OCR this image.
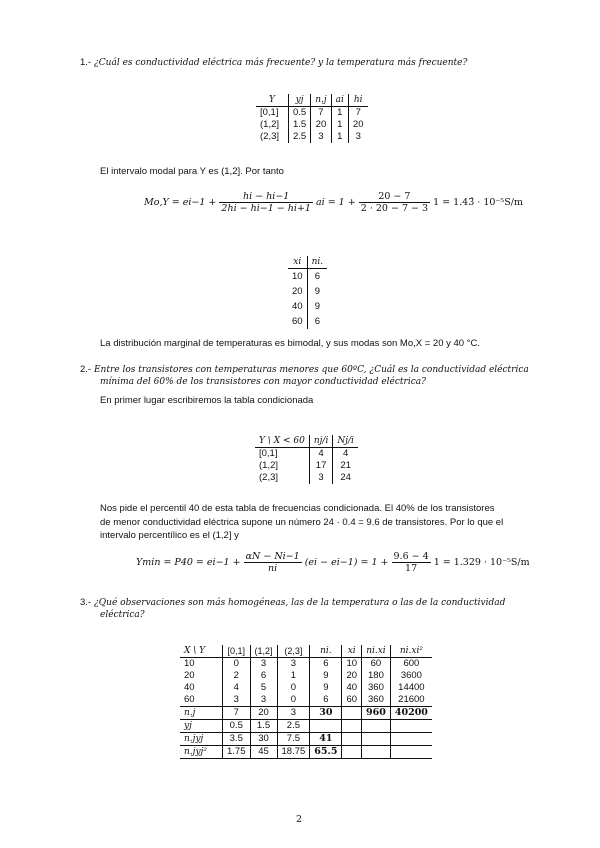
1.- ¿Cuál es conductividad eléctrica más frecuente? y la temperatura más frecuente?
Y	yj	n.j	ai	hi
[0,1]	0.5	7	1	7
(1,2]	1.5	20	1	20
(2,3]	2.5	3	1	3
El intervalo modal para Y es (1,2]. Por tanto
$Mo,Y = ei-1 + \frac{hi - hi-1}{2hi - hi-1 - hi+1}$ ai = $1 + \frac{20 - 7}{2 \cdot 20 - 7 - 3} 1$ = 1.43̂ · 10⁻⁵S/m
xi	ni.
10	6
20	9
40	9
60	6
La distribución marginal de temperaturas es bimodal, y sus modas son Mo,X = 20 y 40 °C.
2.- Entre los transistores con temperaturas menores que 60ºC, ¿Cuál es la conductividad eléctrica
mínima del 60% de los transistores con mayor conductividad eléctrica?
En primer lugar escribiremos la tabla condicionada
Y \ X < 60	nj/i	Nj/i
[0,1]	4	4
(1,2]	17	21
(2,3]	3	24
Nos pide el percentil 40 de esta tabla de frecuencias condicionada. El 40% de los transistores
de menor conductividad eléctrica supone un número 24 · 0.4 = 9.6 de transistores. Por lo que el
intervalo percentílico es el (1,2] y
$Ymin = P40 = ei-1 + \frac{\alpha N - Ni-1}{ni} (ei - ei-1) = 1 + \frac{9.6 - 4}{17} 1 = 1.329 \cdot 10^{-5}S/m$
3.- ¿Qué observaciones son más homogéneas, las de la temperatura o las de la conductividad
eléctrica?
X \ Y	[0,1]	(1,2]	(2,3]	ni.	xi	ni.xi	ni.xi²
10	0	3	3	6	10	60	600
20	2	6	1	9	20	180	3600
40	4	5	0	9	40	360	14400
60	3	3	0	6	60	360	21600
n.j	7	20	3	30		960	40200
yj	0.5	1.5	2.5				
n.jyj	3.5	30	7.5	41			
n.jyj²	1.75	45	18.75	65.5			
2
